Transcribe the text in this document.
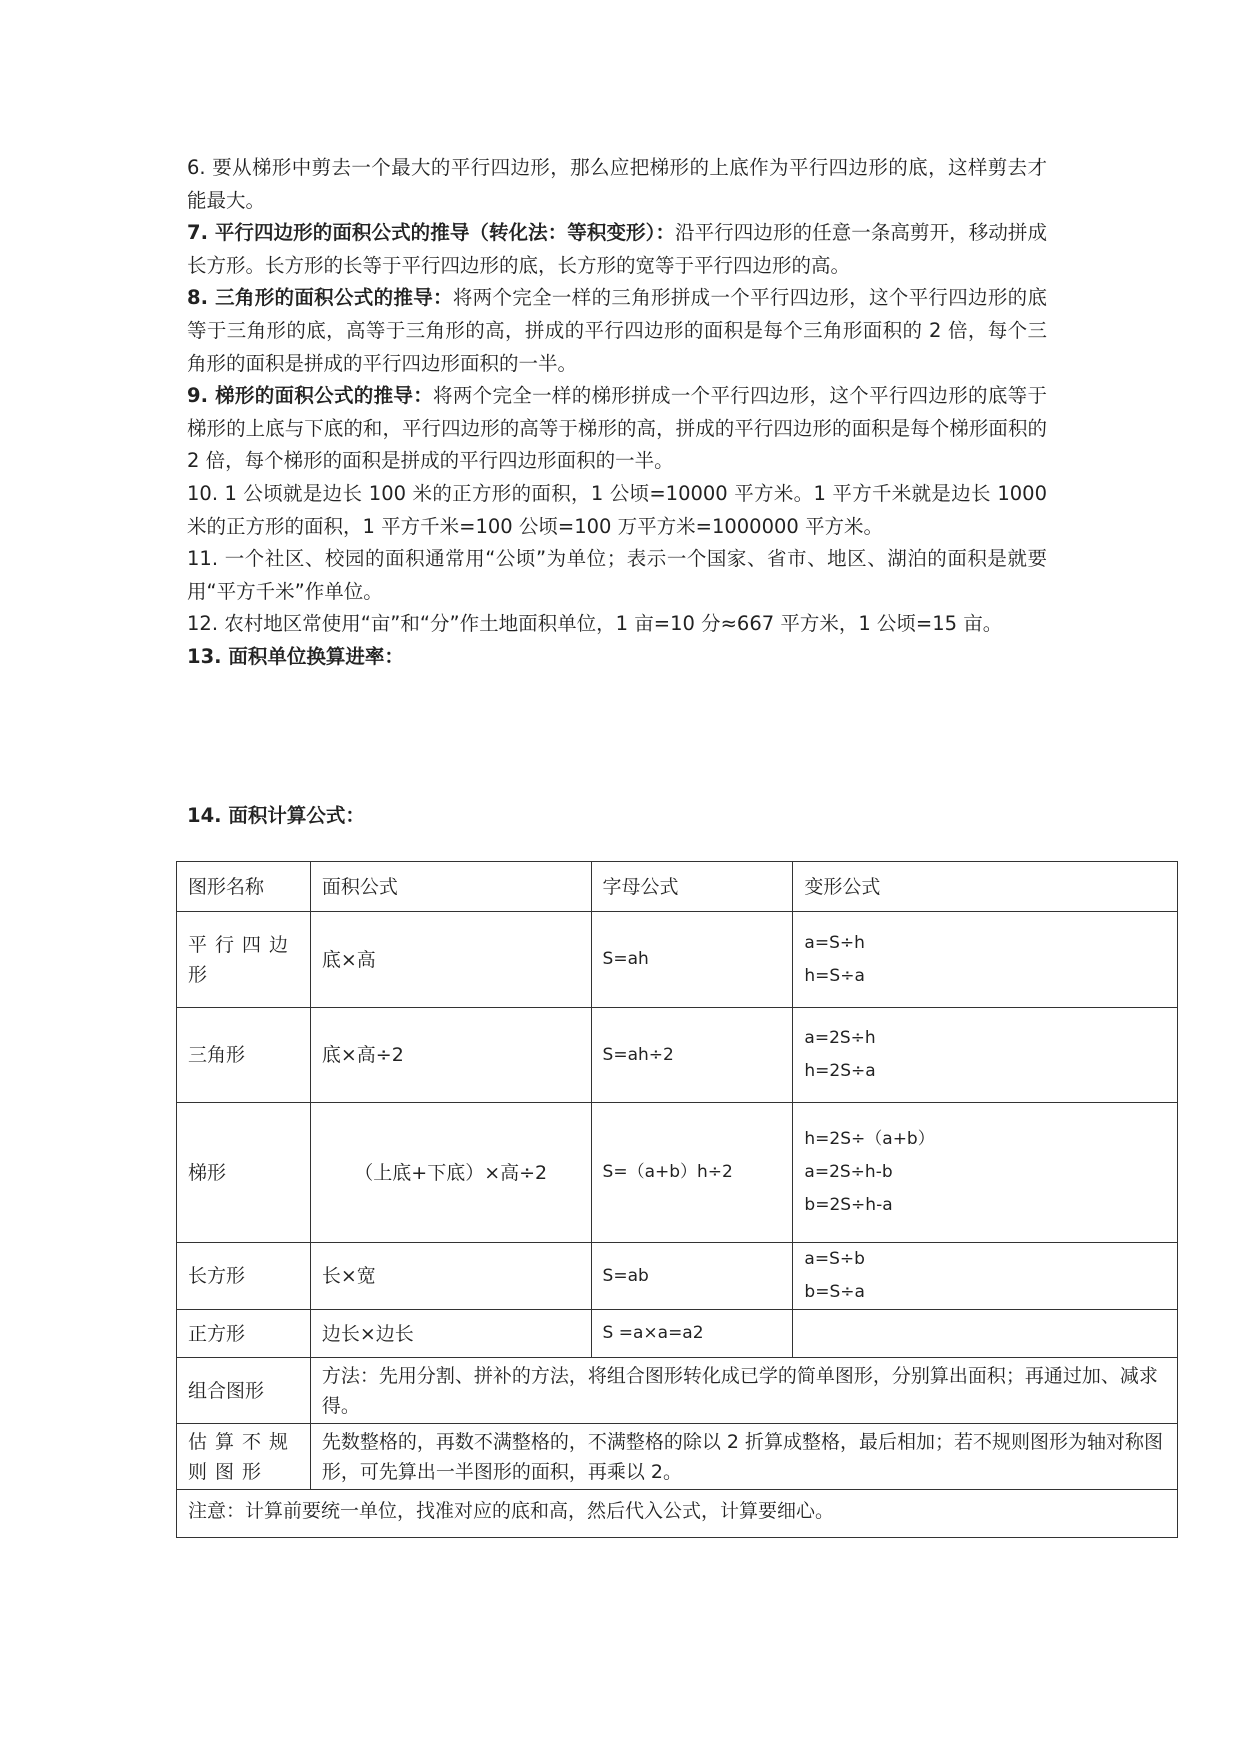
6. 要从梯形中剪去一个最大的平行四边形，那么应把梯形的上底作为平行四边形的底，这样剪去才能最大。

7. 平行四边形的面积公式的推导（转化法：等积变形）：沿平行四边形的任意一条高剪开，移动拼成长方形。长方形的长等于平行四边形的底，长方形的宽等于平行四边形的高。

8. 三角形的面积公式的推导：将两个完全一样的三角形拼成一个平行四边形，这个平行四边形的底等于三角形的底，高等于三角形的高，拼成的平行四边形的面积是每个三角形面积的 2 倍，每个三角形的面积是拼成的平行四边形面积的一半。

9. 梯形的面积公式的推导：将两个完全一样的梯形拼成一个平行四边形，这个平行四边形的底等于梯形的上底与下底的和，平行四边形的高等于梯形的高，拼成的平行四边形的面积是每个梯形面积的 2 倍，每个梯形的面积是拼成的平行四边形面积的一半。

10. 1 公顷就是边长 100 米的正方形的面积，1 公顷=10000 平方米。1 平方千米就是边长 1000 米的正方形的面积，1 平方千米=100 公顷=100 万平方米=1000000 平方米。

11. 一个社区、校园的面积通常用“公顷”为单位；表示一个国家、省市、地区、湖泊的面积是就要用“平方千米”作单位。

12. 农村地区常使用“亩”和“分”作土地面积单位，1 亩=10 分≈667 平方米，1 公顷=15 亩。

13. 面积单位换算进率：

14. 面积计算公式：

图形名称	面积公式	字母公式	变形公式
平行四边形	底×高	S=ah	a=S÷h
h=S÷a

三角形	底×高÷2	S=ah÷2	a=2S÷h
h=2S÷a

梯形	（上底+下底）×高÷2	S=（a+b）h÷2	h=2S÷（a+b）
a=2S÷h-b
b=2S÷h-a

长方形	长×宽	S=ab	a=S÷b
b=S÷a

正方形	边长×边长	S =a×a=a2	
组合图形	方法：先用分割、拼补的方法，将组合图形转化成已学的简单图形，分别算出面积；再通过加、减求得。		
估算不规则图形	先数整格的，再数不满整格的，不满整格的除以 2 折算成整格，最后相加；若不规则图形为轴对称图形，可先算出一半图形的面积，再乘以 2。		
注意：计算前要统一单位，找准对应的底和高，然后代入公式，计算要细心。			
